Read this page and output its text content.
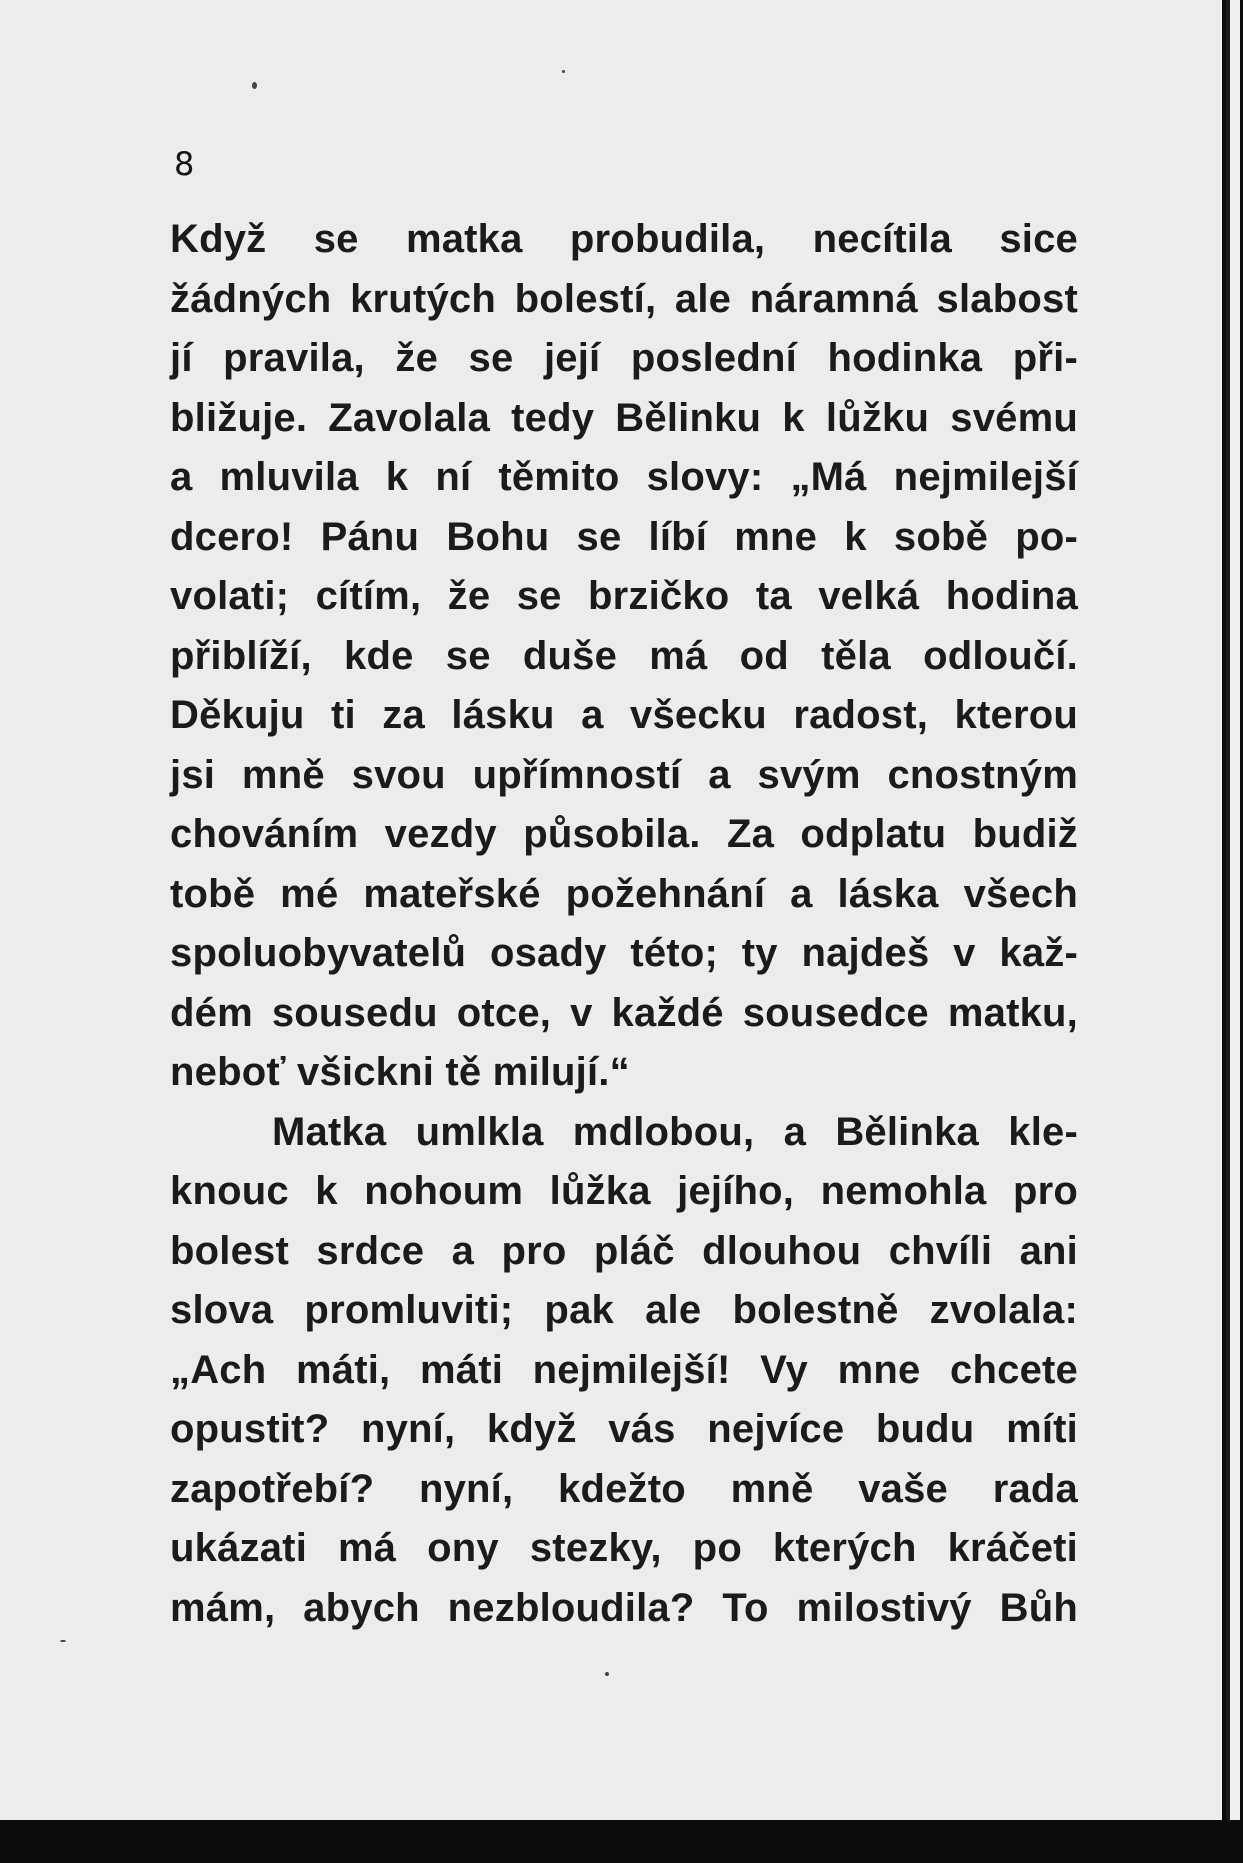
8
Když se matka probudila, necítila sice
žádných krutých bolestí, ale náramná slabost
jí pravila, že se její poslední hodinka při-
bližuje. Zavolala tedy Bělinku k lůžku svému
a mluvila k ní těmito slovy: „Má nejmilejší
dcero! Pánu Bohu se líbí mne k sobě po-
volati; cítím, že se brzičko ta velká hodina
přiblíží, kde se duše má od těla odloučí.
Děkuju ti za lásku a všecku radost, kterou
jsi mně svou upřímností a svým cnostným
chováním vezdy působila. Za odplatu budiž
tobě mé mateřské požehnání a láska všech
spoluobyvatelů osady této; ty najdeš v kaž-
dém sousedu otce, v každé sousedce matku,
neboť všickni tě milují.“
Matka umlkla mdlobou, a Bělinka kle-
knouc k nohoum lůžka jejího, nemohla pro
bolest srdce a pro pláč dlouhou chvíli ani
slova promluviti; pak ale bolestně zvolala:
„Ach máti, máti nejmilejší! Vy mne chcete
opustit? nyní, když vás nejvíce budu míti
zapotřebí? nyní, kdežto mně vaše rada
ukázati má ony stezky, po kterých kráčeti
mám, abych nezbloudila? To milostivý Bůh
